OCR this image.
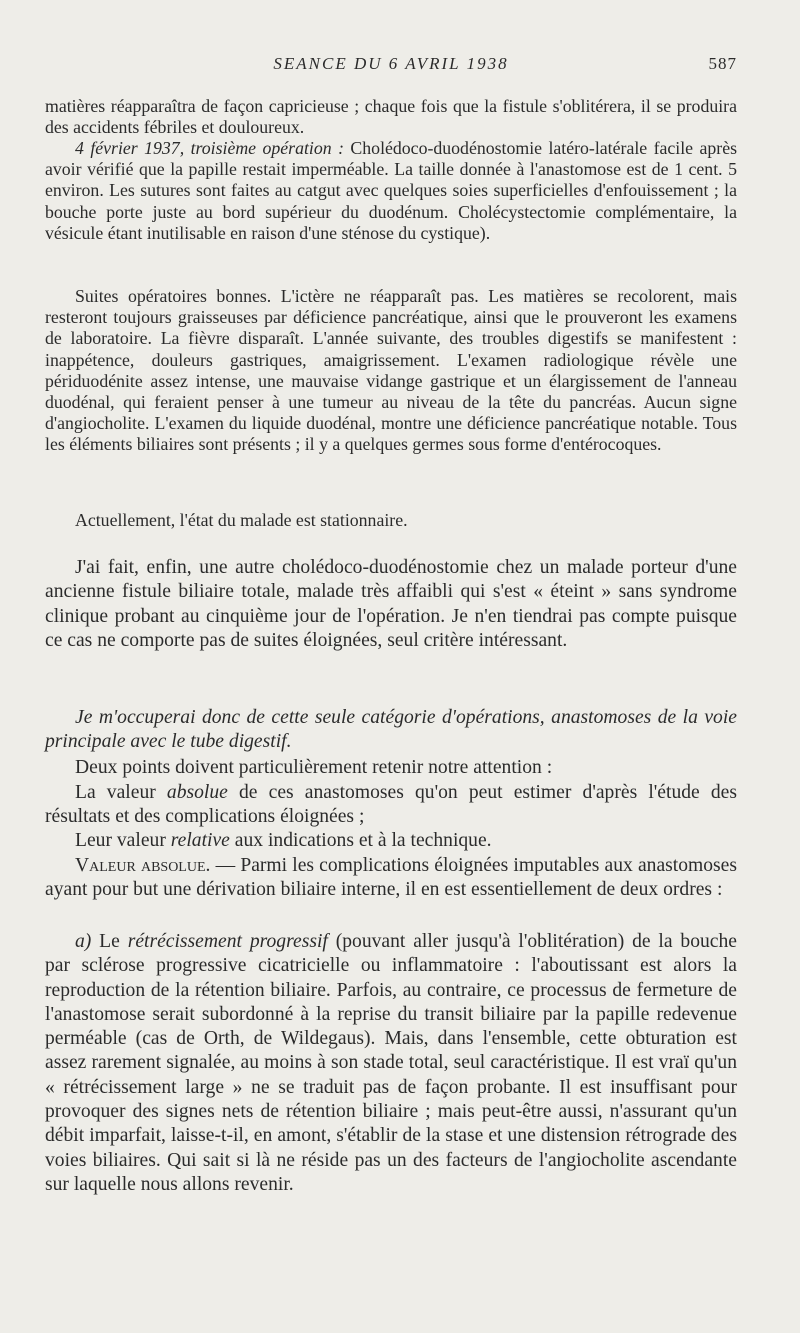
SEANCE DU 6 AVRIL 1938	587

matières réapparaîtra de façon capricieuse ; chaque fois que la fistule s'oblitérera, il se produira des accidents fébriles et douloureux.

4 février 1937, troisième opération : Cholédoco-duodénostomie latéro-latérale facile après avoir vérifié que la papille restait imperméable. La taille donnée à l'anastomose est de 1 cent. 5 environ. Les sutures sont faites au catgut avec quelques soies superficielles d'enfouissement ; la bouche porte juste au bord supérieur du duodénum. Cholécystectomie complémentaire, la vésicule étant inutilisable en raison d'une sténose du cystique).

Suites opératoires bonnes. L'ictère ne réapparaît pas. Les matières se recolorent, mais resteront toujours graisseuses par déficience pancréatique, ainsi que le prouveront les examens de laboratoire. La fièvre disparaît. L'année suivante, des troubles digestifs se manifestent : inappétence, douleurs gastriques, amaigrissement. L'examen radiologique révèle une périduodénite assez intense, une mauvaise vidange gastrique et un élargissement de l'anneau duodénal, qui feraient penser à une tumeur au niveau de la tête du pancréas. Aucun signe d'angiocholite. L'examen du liquide duodénal, montre une déficience pancréatique notable. Tous les éléments biliaires sont présents ; il y a quelques germes sous forme d'entérocoques.

Actuellement, l'état du malade est stationnaire.

J'ai fait, enfin, une autre cholédoco-duodénostomie chez un malade porteur d'une ancienne fistule biliaire totale, malade très affaibli qui s'est « éteint » sans syndrome clinique probant au cinquième jour de l'opération. Je n'en tiendrai pas compte puisque ce cas ne comporte pas de suites éloignées, seul critère intéressant.

Je m'occuperai donc de cette seule catégorie d'opérations, anastomoses de la voie principale avec le tube digestif.

Deux points doivent particulièrement retenir notre attention :

La valeur absolue de ces anastomoses qu'on peut estimer d'après l'étude des résultats et des complications éloignées ;

Leur valeur relative aux indications et à la technique.

Valeur absolue. — Parmi les complications éloignées imputables aux anastomoses ayant pour but une dérivation biliaire interne, il en est essentiellement de deux ordres :

a) Le rétrécissement progressif (pouvant aller jusqu'à l'oblitération) de la bouche par sclérose progressive cicatricielle ou inflammatoire : l'aboutissant est alors la reproduction de la rétention biliaire. Parfois, au contraire, ce processus de fermeture de l'anastomose serait subordonné à la reprise du transit biliaire par la papille redevenue perméable (cas de Orth, de Wildegaus). Mais, dans l'ensemble, cette obturation est assez rarement signalée, au moins à son stade total, seul caractéristique. Il est vraï qu'un « rétrécissement large » ne se traduit pas de façon probante. Il est insuffisant pour provoquer des signes nets de rétention biliaire ; mais peut-être aussi, n'assurant qu'un débit imparfait, laisse-t-il, en amont, s'établir de la stase et une distension rétrograde des voies biliaires. Qui sait si là ne réside pas un des facteurs de l'angiocholite ascendante sur laquelle nous allons revenir.
